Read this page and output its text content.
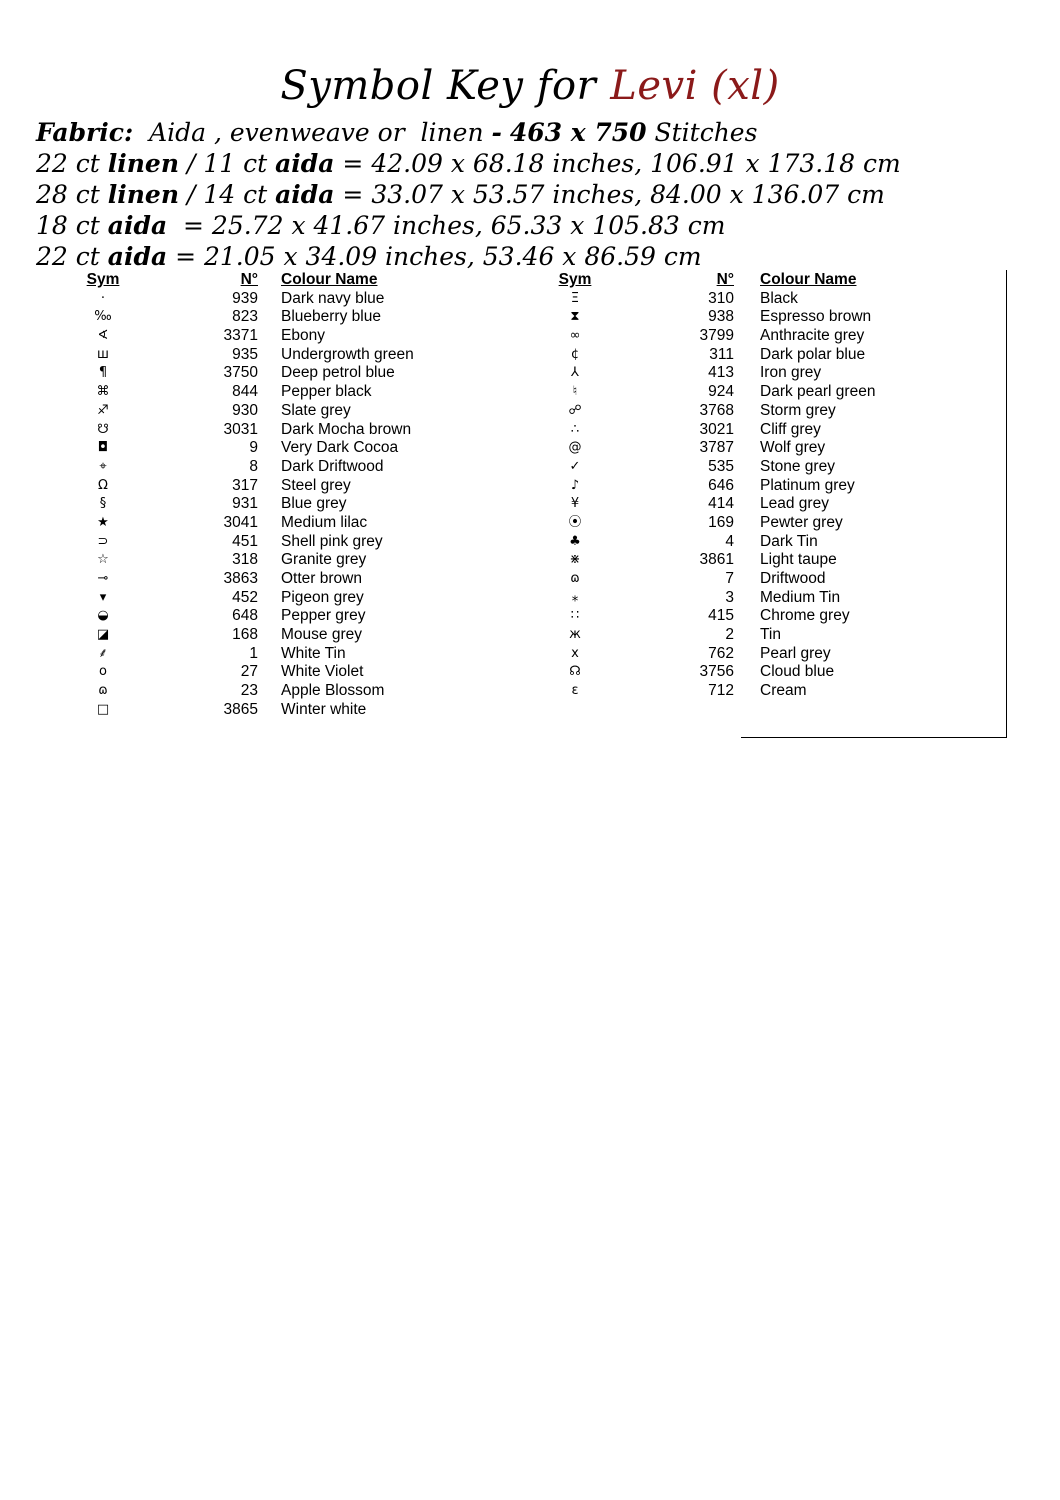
Symbol Key for Levi (xl)
Fabric:  Aida , evenweave or  linen - 463 x 750 Stitches
22 ct linen / 11 ct aida = 42.09 x 68.18 inches, 106.91 x 173.18 cm
28 ct linen / 14 ct aida = 33.07 x 53.57 inches, 84.00 x 136.07 cm
18 ct aida  = 25.72 x 41.67 inches, 65.33 x 105.83 cm
22 ct aida = 21.05 x 34.09 inches, 53.46 x 86.59 cm
Sym	N° Colour Name
·	939 Dark navy blue
‰	823 Blueberry blue
∢	3371 Ebony
ш	935 Undergrowth green
¶	3750 Deep petrol blue
⌘	844 Pepper black
♐	930 Slate grey
☋	3031 Dark Mocha brown
◘	9 Very Dark Cocoa
⌖	8 Dark Driftwood
Ω	317 Steel grey
§	931 Blue grey
★	3041 Medium lilac
⊃	451 Shell pink grey
☆	318 Granite grey
⊸	3863 Otter brown
▾	452 Pigeon grey
◒	648 Pepper grey
◪	168 Mouse grey
⸙	1 White Tin
o	27 White Violet
ɷ	23 Apple Blossom
□	3865 Winter white
Sym	N° Colour Name
Ξ	310 Black
⧗	938 Espresso brown
∞	3799 Anthracite grey
¢	311 Dark polar blue
⅄	413 Iron grey
♮	924 Dark pearl green
☍	3768 Storm grey
∴	3021 Cliff grey
@	3787 Wolf grey
✓	535 Stone grey
♪	646 Platinum grey
¥	414 Lead grey
⦿	169 Pewter grey
♣	4 Dark Tin
⋇	3861 Light taupe
ɷ	7 Driftwood
⁎	3 Medium Tin
∷	415 Chrome grey
ж	2 Tin
x	762 Pearl grey
☊	3756 Cloud blue
ε	712 Cream
